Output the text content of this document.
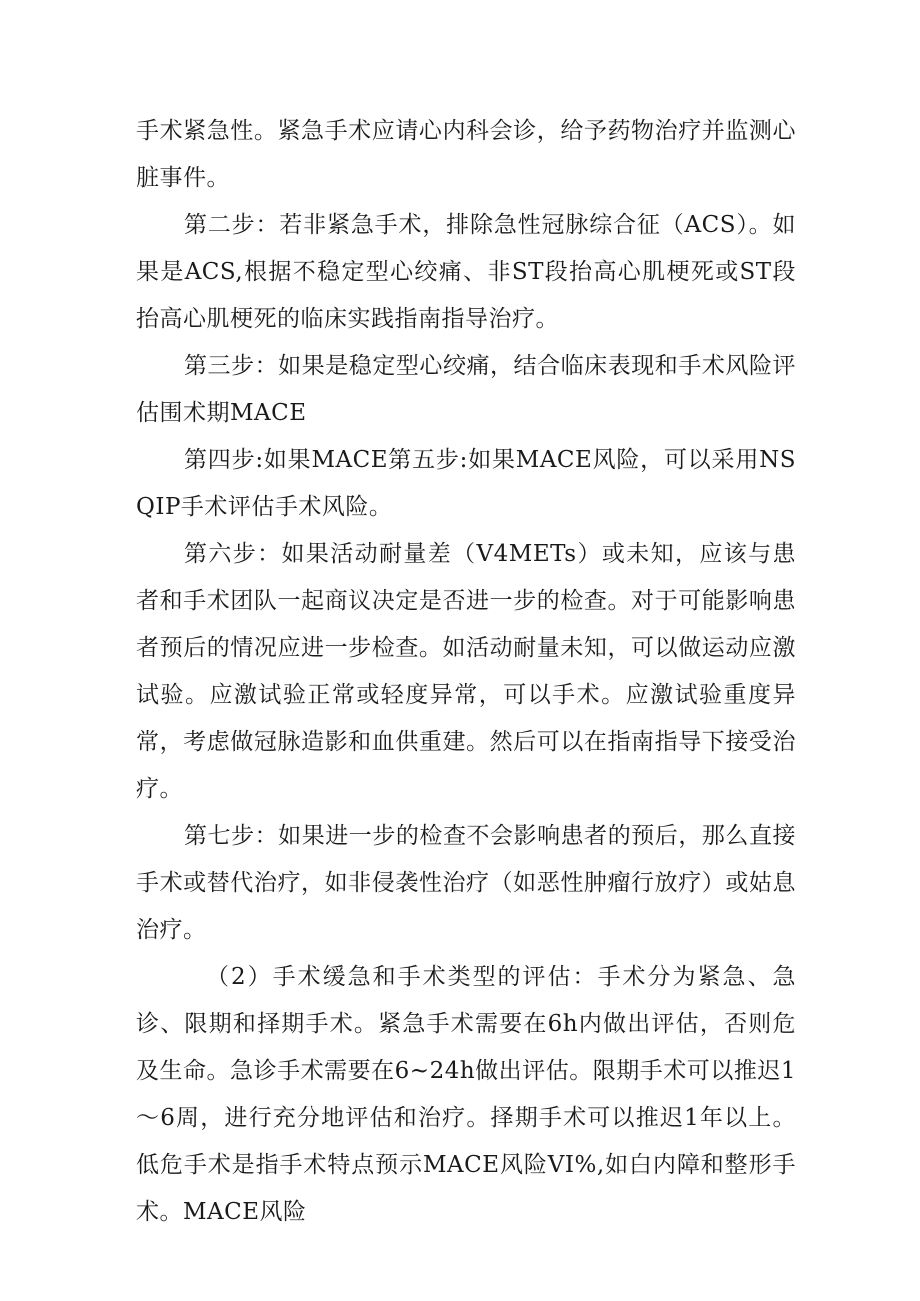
手术紧急性。紧急手术应请心内科会诊，给予药物治疗并监测心脏事件。

第二步：若非紧急手术，排除急性冠脉综合征（ACS）。如果是ACS,根据不稳定型心绞痛、非ST段抬高心肌梗死或ST段抬高心肌梗死的临床实践指南指导治疗。

第三步：如果是稳定型心绞痛，结合临床表现和手术风险评估围术期MACE

第四步:如果MACE第五步:如果MACE风险，可以采用NSQIP手术评估手术风险。

第六步：如果活动耐量差（V4METs）或未知，应该与患者和手术团队一起商议决定是否进一步的检查。对于可能影响患者预后的情况应进一步检查。如活动耐量未知，可以做运动应激试验。应激试验正常或轻度异常，可以手术。应激试验重度异常，考虑做冠脉造影和血供重建。然后可以在指南指导下接受治疗。

第七步：如果进一步的检查不会影响患者的预后，那么直接手术或替代治疗，如非侵袭性治疗（如恶性肿瘤行放疗）或姑息治疗。

（2）手术缓急和手术类型的评估：手术分为紧急、急诊、限期和择期手术。紧急手术需要在6h内做出评估，否则危及生命。急诊手术需要在6~24h做出评估。限期手术可以推迟1～6周，进行充分地评估和治疗。择期手术可以推迟1年以上。低危手术是指手术特点预示MACE风险VI%,如白内障和整形手术。MACE风险
